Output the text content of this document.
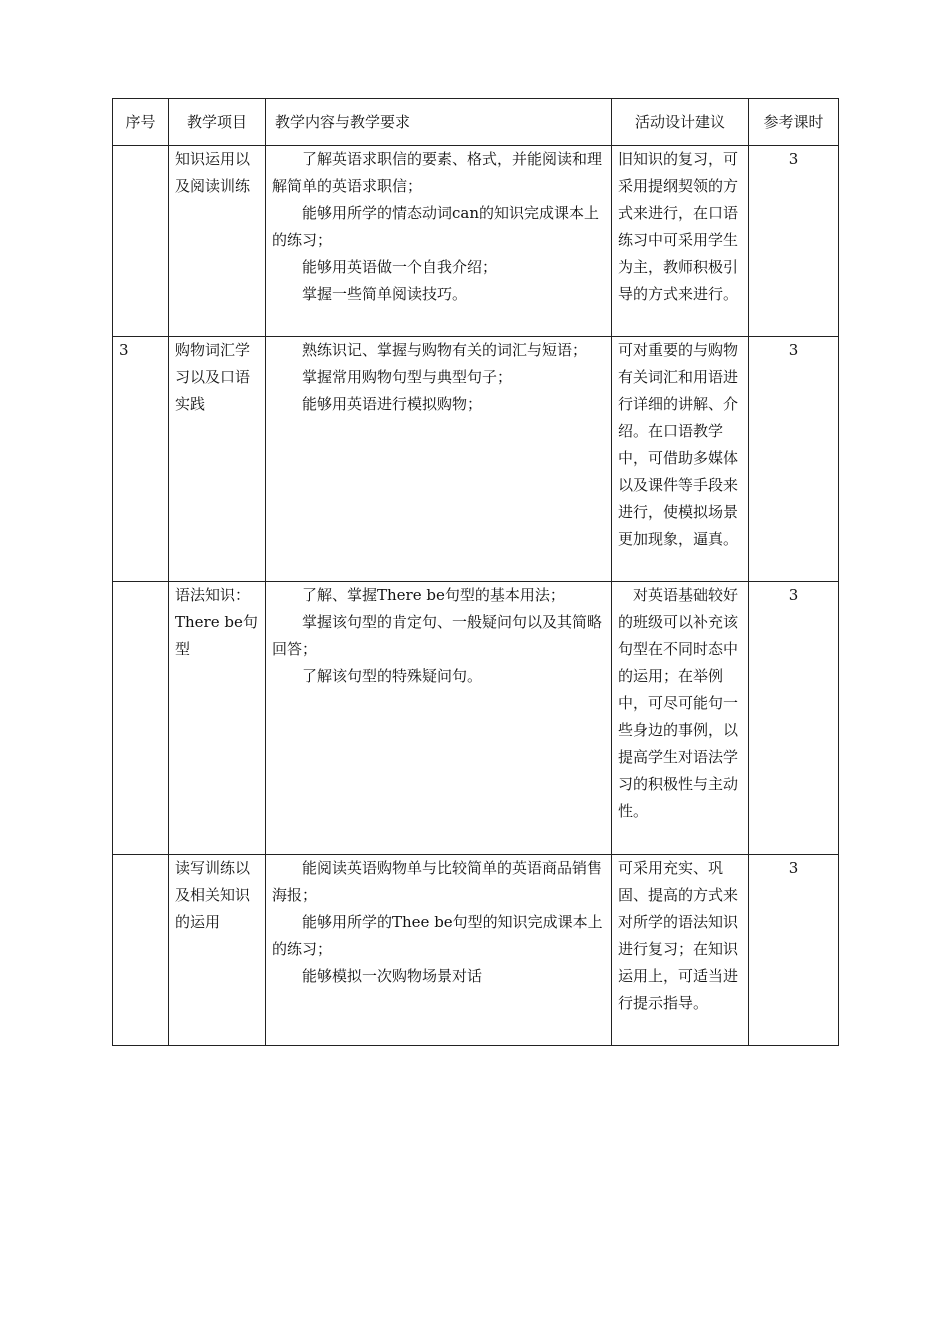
序号	教学项目	教学内容与教学要求	活动设计建议	参考课时
	知识运用以及阅读训练	了解英语求职信的要素、格式，并能阅读和理解简单的英语求职信；

能够用所学的情态动词can的知识完成课本上的练习；

能够用英语做一个自我介绍；

掌握一些简单阅读技巧。	旧知识的复习，可采用提纲契领的方式来进行，在口语练习中可采用学生为主，教师积极引导的方式来进行。	3
3	购物词汇学习以及口语实践	熟练识记、掌握与购物有关的词汇与短语；

掌握常用购物句型与典型句子；

能够用英语进行模拟购物；	可对重要的与购物有关词汇和用语进行详细的讲解、介绍。在口语教学中，可借助多媒体以及课件等手段来进行，使模拟场景更加现象，逼真。	3
	语法知识：There be句型	了解、掌握There be句型的基本用法；

掌握该句型的肯定句、一般疑问句以及其简略回答；

了解该句型的特殊疑问句。	对英语基础较好的班级可以补充该句型在不同时态中的运用；在举例中，可尽可能句一些身边的事例，以提高学生对语法学习的积极性与主动性。	3
	读写训练以及相关知识的运用	能阅读英语购物单与比较简单的英语商品销售海报；

能够用所学的Thee be句型的知识完成课本上的练习；

能够模拟一次购物场景对话	可采用充实、巩固、提高的方式来对所学的语法知识进行复习；在知识运用上，可适当进行提示指导。	3
